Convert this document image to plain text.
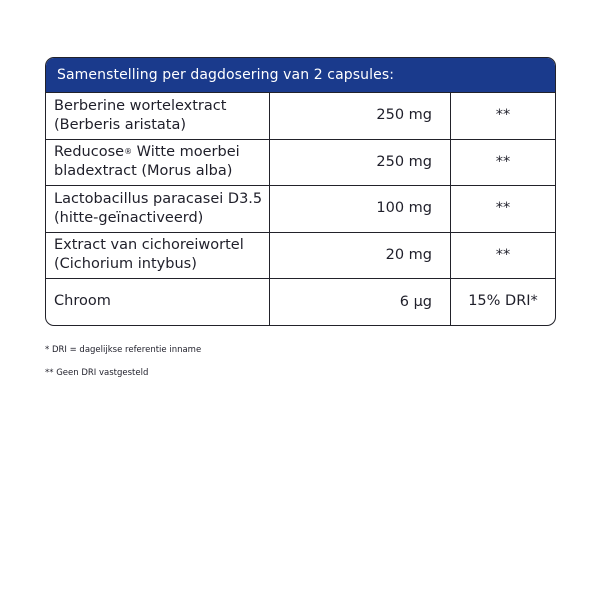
Samenstelling per dagdosering van 2 capsules:
Berberine wortelextract
(Berberis aristata)
250 mg	**
Reducose® Witte moerbei
bladextract (Morus alba)
250 mg	**
Lactobacillus paracasei D3.5
(hitte-geïnactiveerd)
100 mg	**
Extract van cichoreiwortel
(Cichorium intybus)
20 mg	**
Chroom	6 µg	15% DRI*
* DRI = dagelijkse referentie inname
** Geen DRI vastgesteld
